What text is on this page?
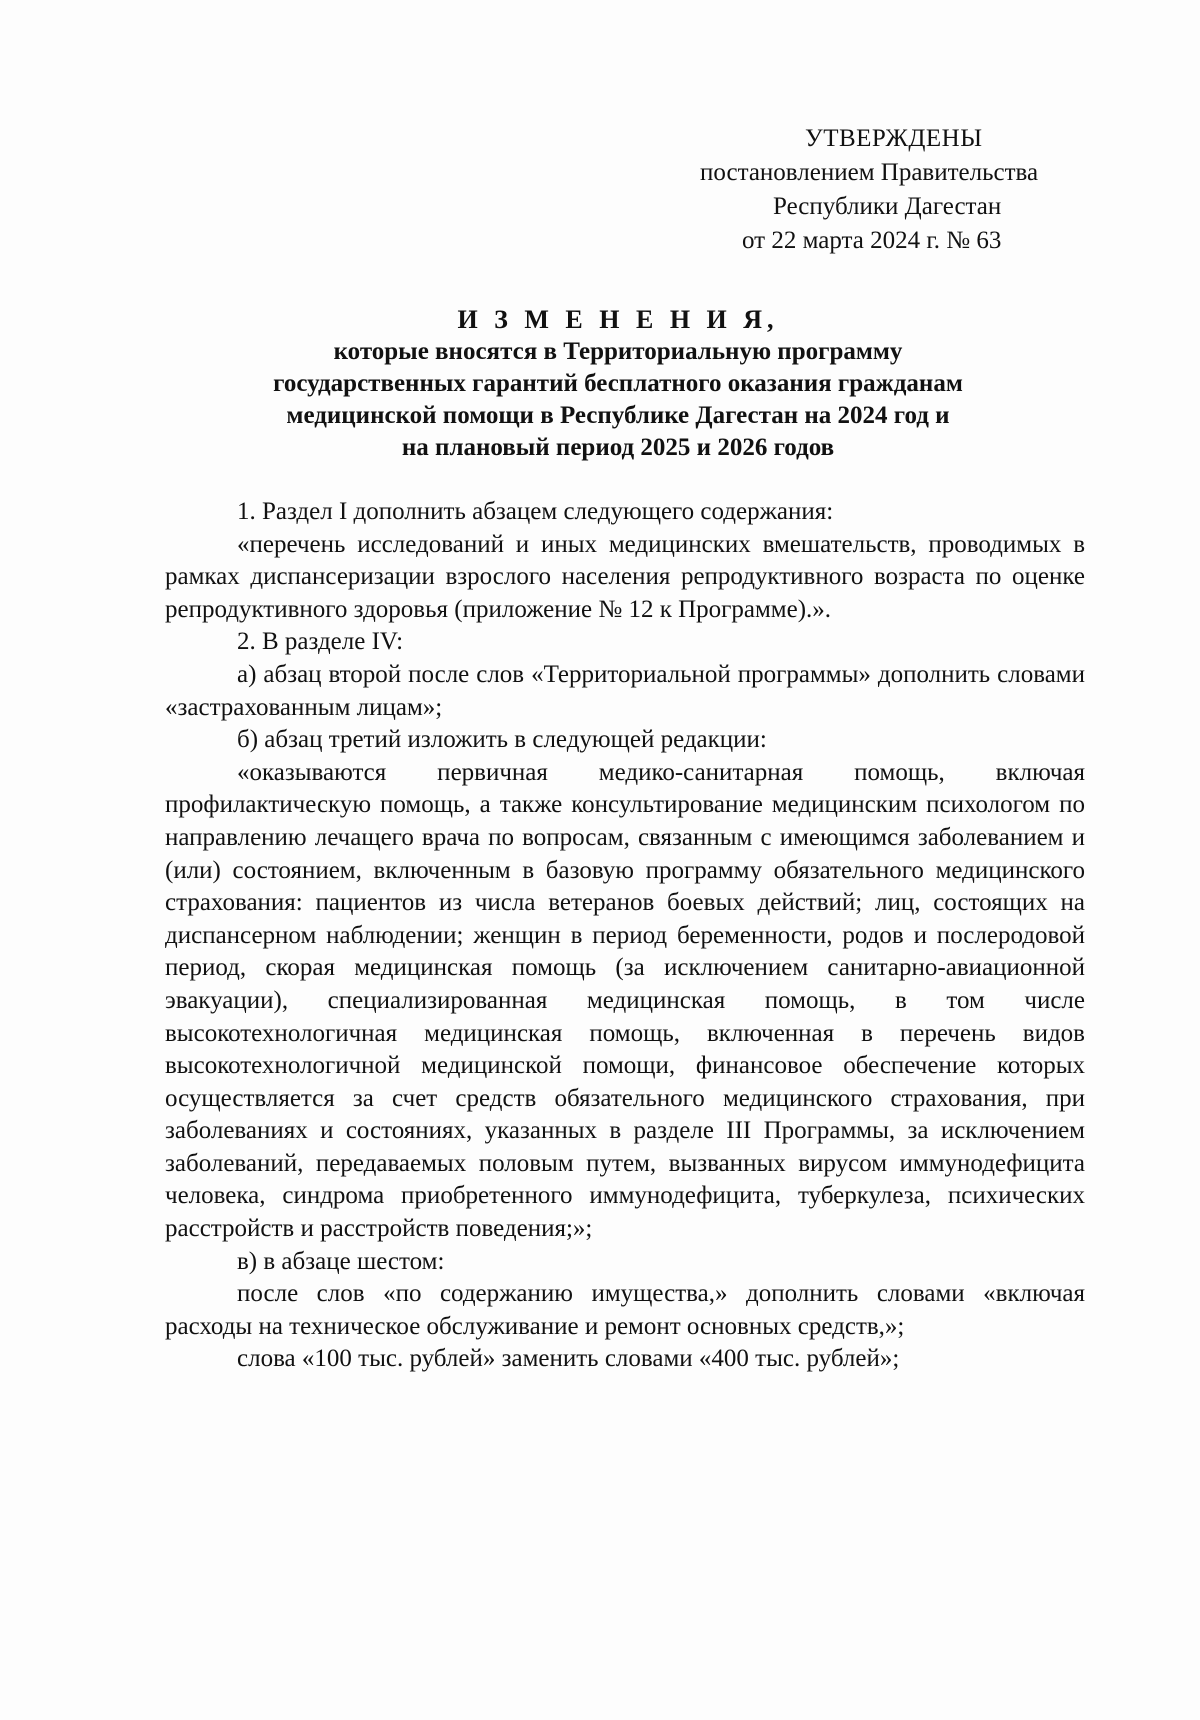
УТВЕРЖДЕНЫ
постановлением Правительства
Республики Дагестан
от 22 марта 2024 г. № 63
И З М Е Н Е Н И Я,
которые вносятся в Территориальную программу
государственных гарантий бесплатного оказания гражданам
медицинской помощи в Республике Дагестан на 2024 год и
на плановый период 2025 и 2026 годов

1. Раздел I дополнить абзацем следующего содержания:

«перечень исследований и иных медицинских вмешательств, проводимых в рамках диспансеризации взрослого населения репродуктивного возраста по оценке репродуктивного здоровья (приложение № 12 к Программе).».

2. В разделе IV:

а) абзац второй после слов «Территориальной программы» дополнить словами «застрахованным лицам»;

б) абзац третий изложить в следующей редакции:

«оказываются первичная медико-санитарная помощь, включая профилактическую помощь, а также консультирование медицинским психологом по направлению лечащего врача по вопросам, связанным с имеющимся заболеванием и (или) состоянием, включенным в базовую программу обязательного медицинского страхования: пациентов из числа ветеранов боевых действий; лиц, состоящих на диспансерном наблюдении; женщин в период беременности, родов и послеродовой период, скорая медицинская помощь (за исключением санитарно-авиационной эвакуации), специализированная медицинская помощь, в том числе высокотехнологичная медицинская помощь, включенная в перечень видов высокотехнологичной медицинской помощи, финансовое обеспечение которых осуществляется за счет средств обязательного медицинского страхования, при заболеваниях и состояниях, указанных в разделе III Программы, за исключением заболеваний, передаваемых половым путем, вызванных вирусом иммунодефицита человека, синдрома приобретенного иммунодефицита, туберкулеза, психических расстройств и расстройств поведения;»;

в) в абзаце шестом:

после слов «по содержанию имущества,» дополнить словами «включая расходы на техническое обслуживание и ремонт основных средств,»;

слова «100 тыс. рублей» заменить словами «400 тыс. рублей»;
